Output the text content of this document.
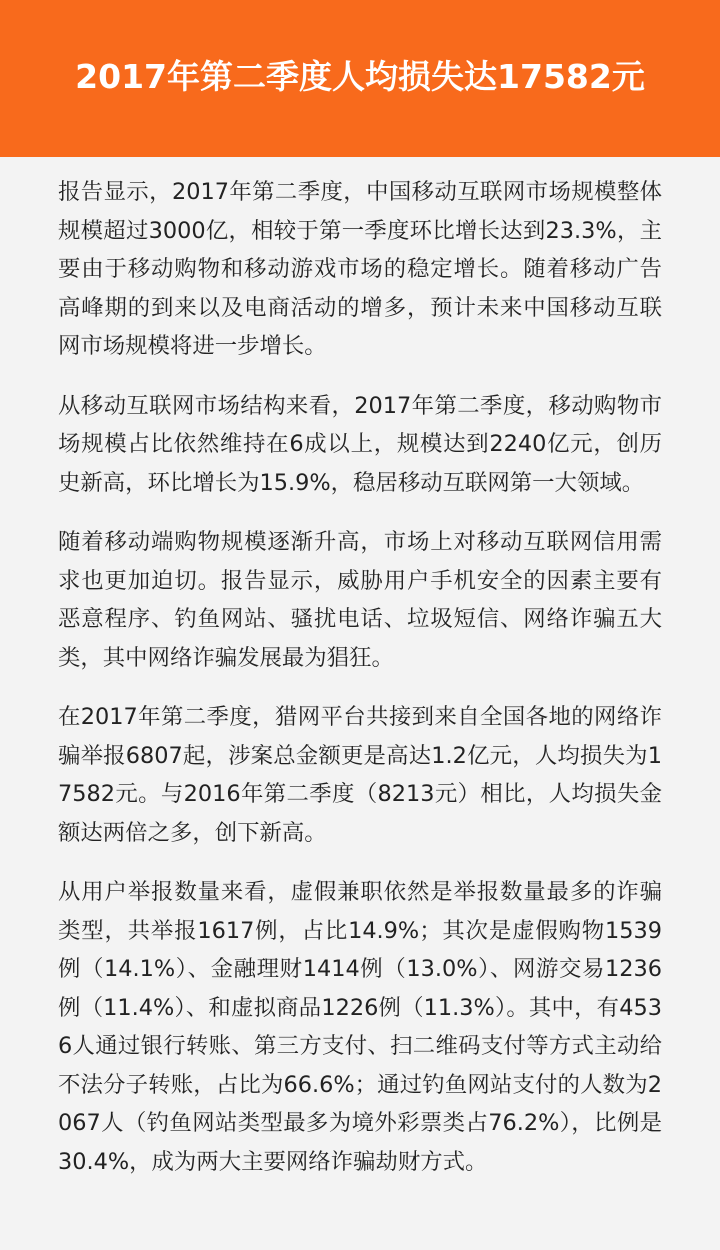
2017年第二季度人均损失达17582元

报告显示，2017年第二季度，中国移动互联网市场规模整体规模超过3000亿，相较于第一季度环比增长达到23.3%，主要由于移动购物和移动游戏市场的稳定增长。随着移动广告高峰期的到来以及电商活动的增多，预计未来中国移动互联网市场规模将进一步增长。

从移动互联网市场结构来看，2017年第二季度，移动购物市场规模占比依然维持在6成以上，规模达到2240亿元，创历史新高，环比增长为15.9%，稳居移动互联网第一大领域。

随着移动端购物规模逐渐升高，市场上对移动互联网信用需求也更加迫切。报告显示，威胁用户手机安全的因素主要有恶意程序、钓鱼网站、骚扰电话、垃圾短信、网络诈骗五大类，其中网络诈骗发展最为猖狂。

在2017年第二季度，猎网平台共接到来自全国各地的网络诈骗举报6807起，涉案总金额更是高达1.2亿元，人均损失为17582元。与2016年第二季度（8213元）相比，人均损失金额达两倍之多，创下新高。

从用户举报数量来看，虚假兼职依然是举报数量最多的诈骗类型，共举报1617例，占比14.9%；其次是虚假购物1539例（14.1%）、金融理财1414例（13.0%）、网游交易1236例（11.4%）、和虚拟商品1226例（11.3%）。其中，有4536人通过银行转账、第三方支付、扫二维码支付等方式主动给不法分子转账，占比为66.6%；通过钓鱼网站支付的人数为2067人（钓鱼网站类型最多为境外彩票类占76.2%），比例是30.4%，成为两大主要网络诈骗劫财方式。
